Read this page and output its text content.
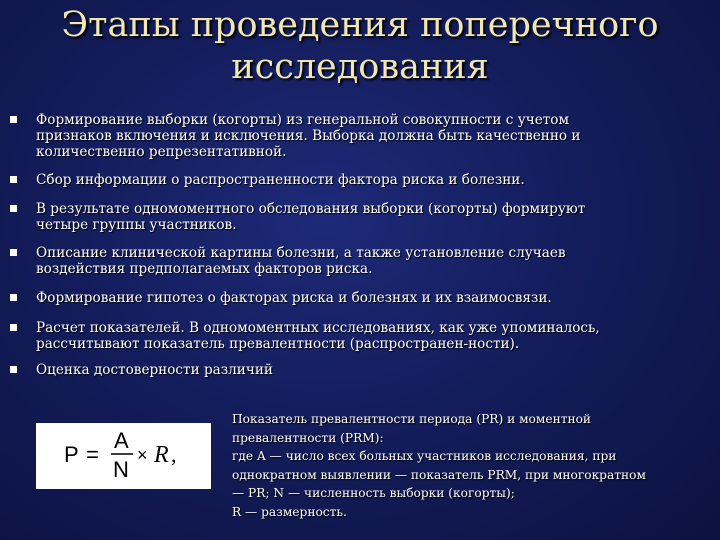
Этапы проведения поперечного
исследования
Формирование выборки (когорты) из генеральной совокупности с учетом
признаков включения и исключения. Выборка должна быть качественно и
количественно репрезентативной.
Сбор информации о распространенности фактора риска и болезни.
В результате одномоментного обследования выборки (когорты) формируют
четыре группы участников.
Описание клинической картины болезни, а также установление случаев
воздействия предполагаемых факторов риска.
Формирование гипотез о факторах риска и болезнях и их взаимосвязи.
Расчет показателей. В одномоментных исследованиях, как уже упоминалось,
рассчитывают показатель превалентности (распространен-ности).
Оценка достоверности различий
P =
A
N
× R ,
Показатель превалентности периода (PR) и моментной
превалентности (PRM):
где A — число всех больных участников исследования, при
однократном выявлении — показатель PRM, при многократном
— PR; N — численность выборки (когорты);
R — размерность.
